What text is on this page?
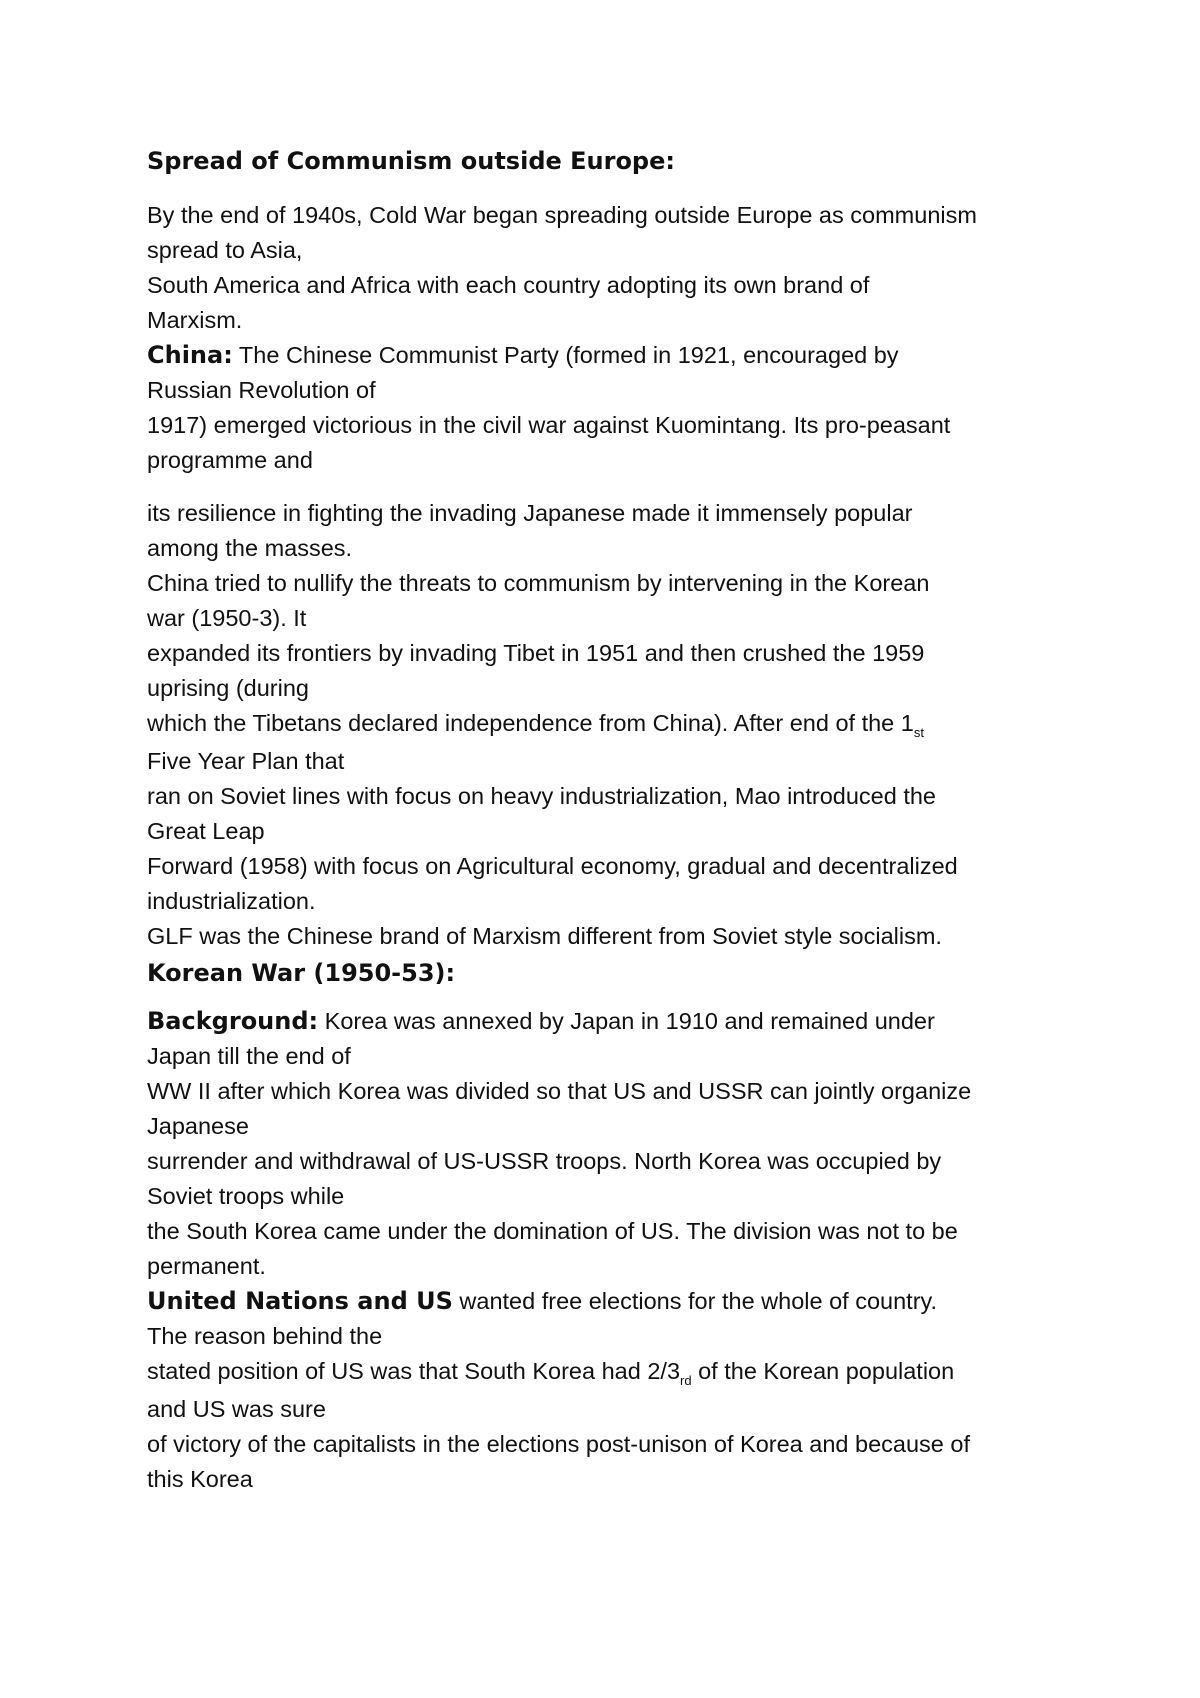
Spread of Communism outside Europe:

By the end of 1940s, Cold War began spreading outside Europe as communism

spread to Asia,

South America and Africa with each country adopting its own brand of

Marxism.

China: The Chinese Communist Party (formed in 1921, encouraged by

Russian Revolution of

1917) emerged victorious in the civil war against Kuomintang. Its pro-peasant

programme and

its resilience in fighting the invading Japanese made it immensely popular

among the masses.

China tried to nullify the threats to communism by intervening in the Korean

war (1950-3). It

expanded its frontiers by invading Tibet in 1951 and then crushed the 1959

uprising (during

which the Tibetans declared independence from China). After end of the 1st

Five Year Plan that

ran on Soviet lines with focus on heavy industrialization, Mao introduced the

Great Leap

Forward (1958) with focus on Agricultural economy, gradual and decentralized

industrialization.

GLF was the Chinese brand of Marxism different from Soviet style socialism.

Korean War (1950-53):

Background: Korea was annexed by Japan in 1910 and remained under

Japan till the end of

WW II after which Korea was divided so that US and USSR can jointly organize

Japanese

surrender and withdrawal of US-USSR troops. North Korea was occupied by

Soviet troops while

the South Korea came under the domination of US. The division was not to be

permanent.

United Nations and US wanted free elections for the whole of country.

The reason behind the

stated position of US was that South Korea had 2/3rd of the Korean population

and US was sure

of victory of the capitalists in the elections post-unison of Korea and because of

this Korea
